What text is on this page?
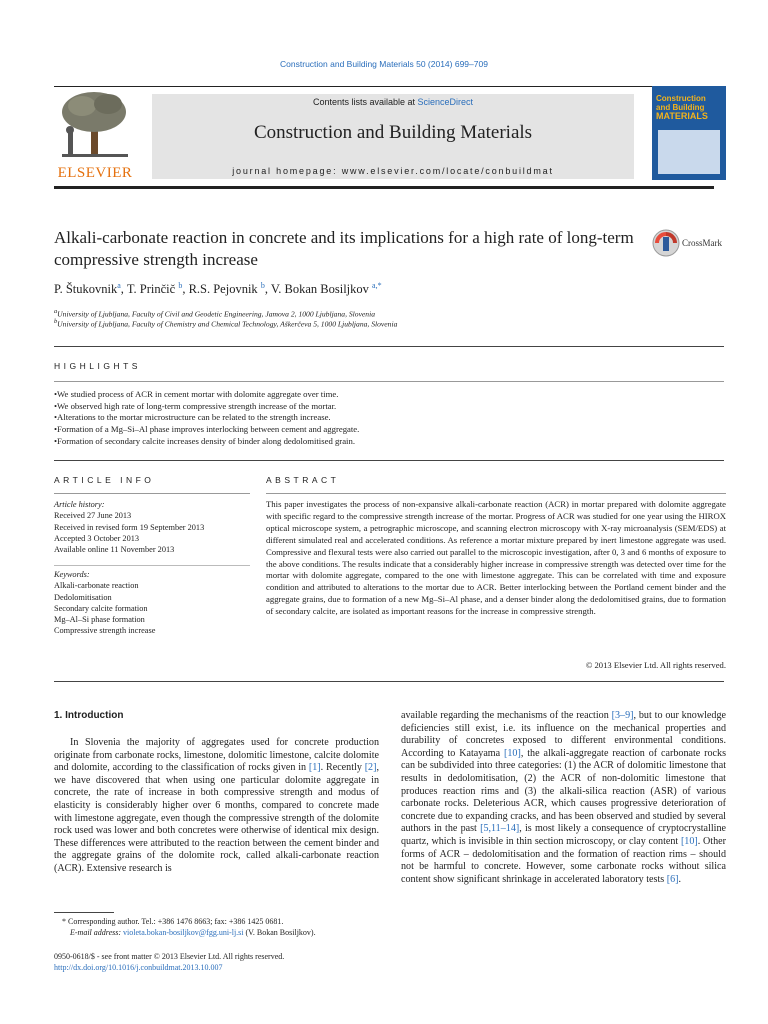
Construction and Building Materials 50 (2014) 699–709
ELSEVIER
Contents lists available at ScienceDirect
Construction and Building Materials
journal homepage: www.elsevier.com/locate/conbuildmat
Construction
and Building
MATERIALS
Alkali-carbonate reaction in concrete and its implications for a high rate of long-term compressive strength increase
CrossMark
P. Štukovnik$^a$, T. Prinčič $^b$, R.S. Pejovnik $^b$, V. Bokan Bosiljkov $^{a,*}$
$^a$University of Ljubljana, Faculty of Civil and Geodetic Engineering, Jamova 2, 1000 Ljubljana, Slovenia
$^b$University of Ljubljana, Faculty of Chemistry and Chemical Technology, Aškerčeva 5, 1000 Ljubljana, Slovenia
HIGHLIGHTS
• We studied process of ACR in cement mortar with dolomite aggregate over time.
• We observed high rate of long-term compressive strength increase of the mortar.
• Alterations to the mortar microstructure can be related to the strength increase.
• Formation of a Mg–Si–Al phase improves interlocking between cement and aggregate.
• Formation of secondary calcite increases density of binder along dedolomitised grain.
ARTICLE INFO	ABSTRACT
Article history:
Received 27 June 2013
Received in revised form 19 September 2013
Accepted 3 October 2013
Available online 11 November 2013
Keywords:
Alkali-carbonate reaction
Dedolomitisation
Secondary calcite formation
Mg–Al–Si phase formation
Compressive strength increase
This paper investigates the process of non-expansive alkali-carbonate reaction (ACR) in mortar prepared with dolomite aggregate with specific regard to the compressive strength increase of the mortar. Progress of ACR was studied for one year using the HIROX optical microscope system, a petrographic microscope, and scanning electron microscopy with X-ray microanalysis (SEM/EDS) at different simulated real and accelerated conditions. As reference a mortar mixture prepared by inert limestone aggregate was used. Compressive and flexural tests were also carried out parallel to the microscopic investigation, after 0, 3 and 6 months of exposure to the above conditions. The results indicate that a considerably higher increase in compressive strength was detected over time for the mortar with dolomite aggregate, compared to the one with limestone aggregate. This can be correlated with time and exposure condition and attributed to alterations to the mortar due to ACR. Better interlocking between the Portland cement binder and the aggregate grains, due to formation of a new Mg–Si–Al phase, and a denser binder along the dedolomitised grains, due to formation of secondary calcite, are isolated as important reasons for the increase in compressive strength.
© 2013 Elsevier Ltd. All rights reserved.
1. Introduction

In Slovenia the majority of aggregates used for concrete production originate from carbonate rocks, limestone, dolomitic limestone, calcite dolomite and dolomite, according to the classification of rocks given in [1]. Recently [2], we have discovered that when using one particular dolomite aggregate in concrete, the rate of increase in both compressive strength and modus of elasticity is considerably higher over 6 months, compared to concrete made with limestone aggregate, even though the compressive strength of the dolomite rock used was lower and both concretes were otherwise of identical mix design. These differences were attributed to the reaction between the cement binder and the aggregate grains of the dolomite rock, called alkali-carbonate reaction (ACR). Extensive research is

available regarding the mechanisms of the reaction [3–9], but to our knowledge deficiencies still exist, i.e. its influence on the mechanical properties and durability of concretes exposed to different environmental conditions. According to Katayama [10], the alkali-aggregate reaction of carbonate rocks can be subdivided into three categories: (1) the ACR of dolomitic limestone that results in dedolomitisation, (2) the ACR of non-dolomitic limestone that produces reaction rims and (3) the alkali-silica reaction (ASR) of various carbonate rocks. Deleterious ACR, which causes progressive deterioration of concrete due to expanding cracks, and has been observed and studied by several authors in the past [5,11–14], is most likely a consequence of cryptocrystalline quartz, which is invisible in thin section microscopy, or clay content [10]. Other forms of ACR – dedolomitisation and the formation of reaction rims – should not be harmful to concrete. However, some carbonate rocks without silica content show significant shrinkage in accelerated laboratory tests [6].

* Corresponding author. Tel.: +386 1476 8663; fax: +386 1425 0681.
E-mail address: violeta.bokan-bosiljkov@fgg.uni-lj.si (V. Bokan Bosiljkov).
0950-0618/$ - see front matter © 2013 Elsevier Ltd. All rights reserved.
http://dx.doi.org/10.1016/j.conbuildmat.2013.10.007
